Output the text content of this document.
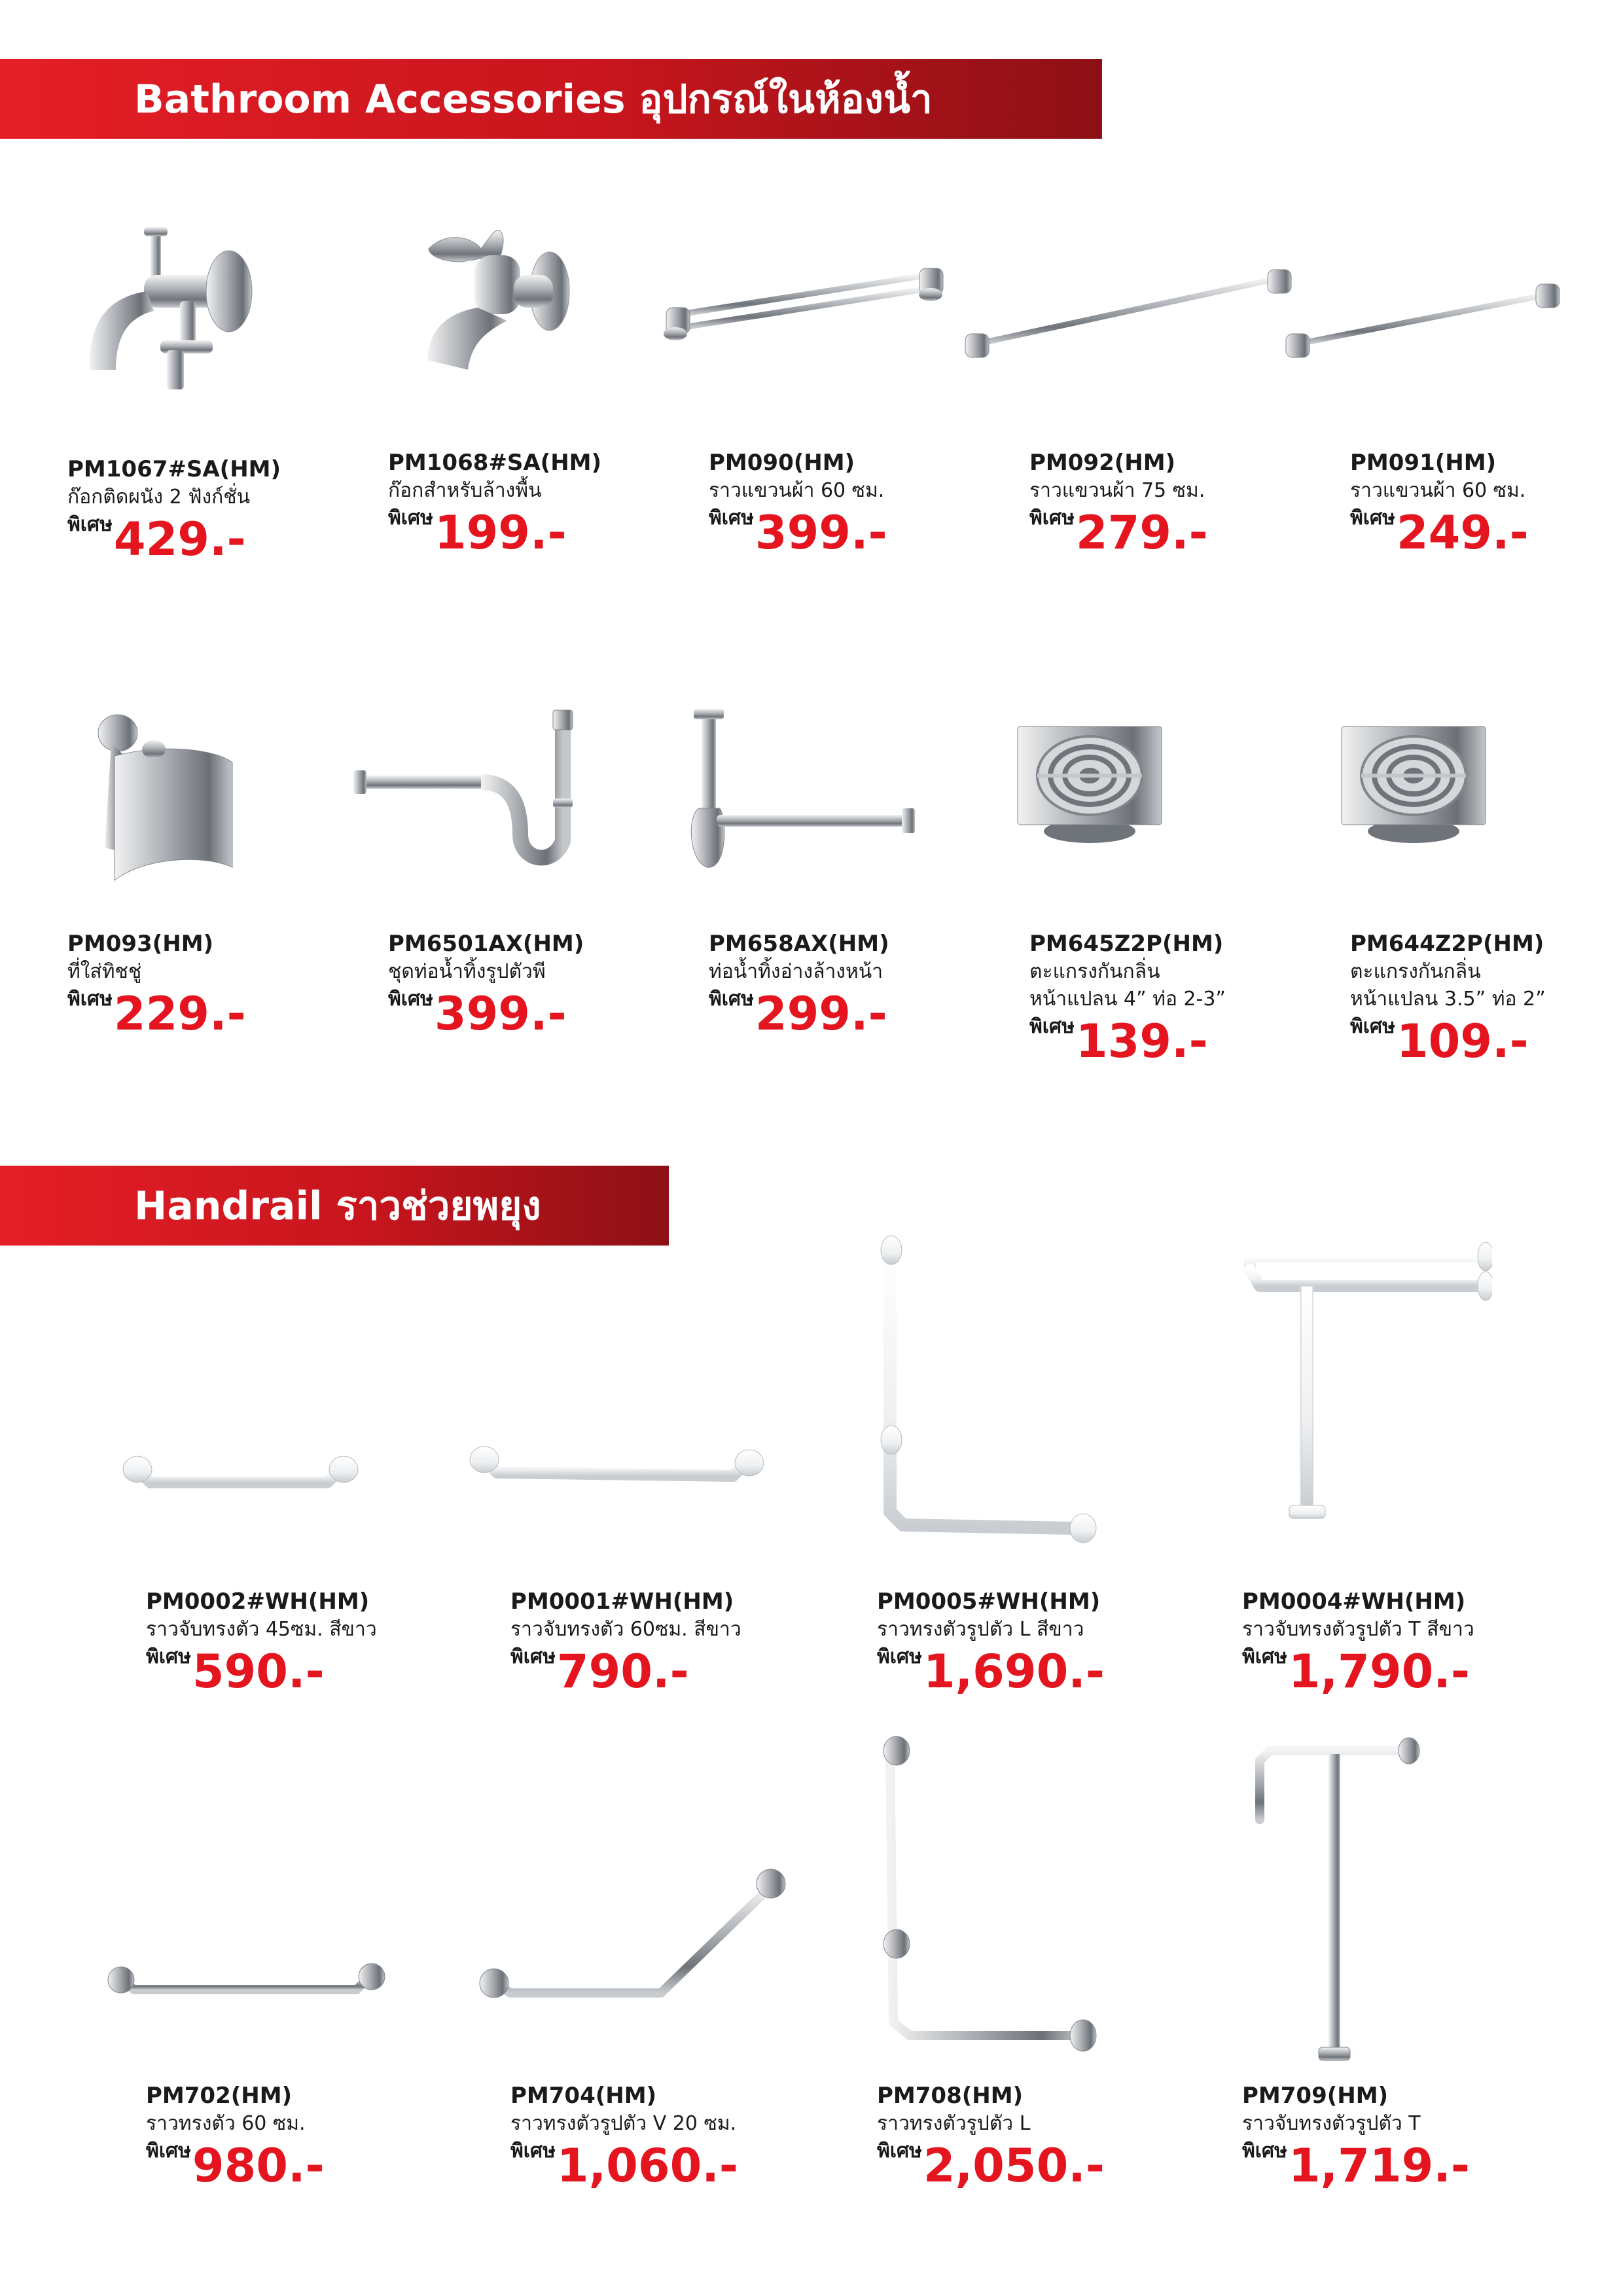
Bathroom Accessories อุปกรณ์ในห้องน้ำ
Handrail ราวช่วยพยุง
PM1067#SA(HM)
ก๊อกติดผนัง 2 ฟังก์ชั่น
พิเศษ 429.-
PM1068#SA(HM)
ก๊อกสำหรับล้างพื้น
พิเศษ 199.-
PM090(HM)
ราวแขวนผ้า 60 ซม.
พิเศษ 399.-
PM092(HM)
ราวแขวนผ้า 75 ซม.
พิเศษ 279.-
PM091(HM)
ราวแขวนผ้า 60 ซม.
พิเศษ 249.-
PM093(HM)
ที่ใส่ทิชชู่
พิเศษ 229.-
PM6501AX(HM)
ชุดท่อน้ำทิ้งรูปตัวพี
พิเศษ 399.-
PM658AX(HM)
ท่อน้ำทิ้งอ่างล้างหน้า
พิเศษ 299.-
PM645Z2P(HM)
ตะแกรงกันกลิ่น
หน้าแปลน 4” ท่อ 2-3”
พิเศษ 139.-
PM644Z2P(HM)
ตะแกรงกันกลิ่น
หน้าแปลน 3.5” ท่อ 2”
พิเศษ 109.-
PM0002#WH(HM)
ราวจับทรงตัว 45ซม. สีขาว
พิเศษ 590.-
PM0001#WH(HM)
ราวจับทรงตัว 60ซม. สีขาว
พิเศษ 790.-
PM0005#WH(HM)
ราวทรงตัวรูปตัว L สีขาว
พิเศษ 1,690.-
PM0004#WH(HM)
ราวจับทรงตัวรูปตัว T สีขาว
พิเศษ 1,790.-
PM702(HM)
ราวทรงตัว 60 ซม.
พิเศษ 980.-
PM704(HM)
ราวทรงตัวรูปตัว V 20 ซม.
พิเศษ 1,060.-
PM708(HM)
ราวทรงตัวรูปตัว L
พิเศษ 2,050.-
PM709(HM)
ราวจับทรงตัวรูปตัว T
พิเศษ 1,719.-
